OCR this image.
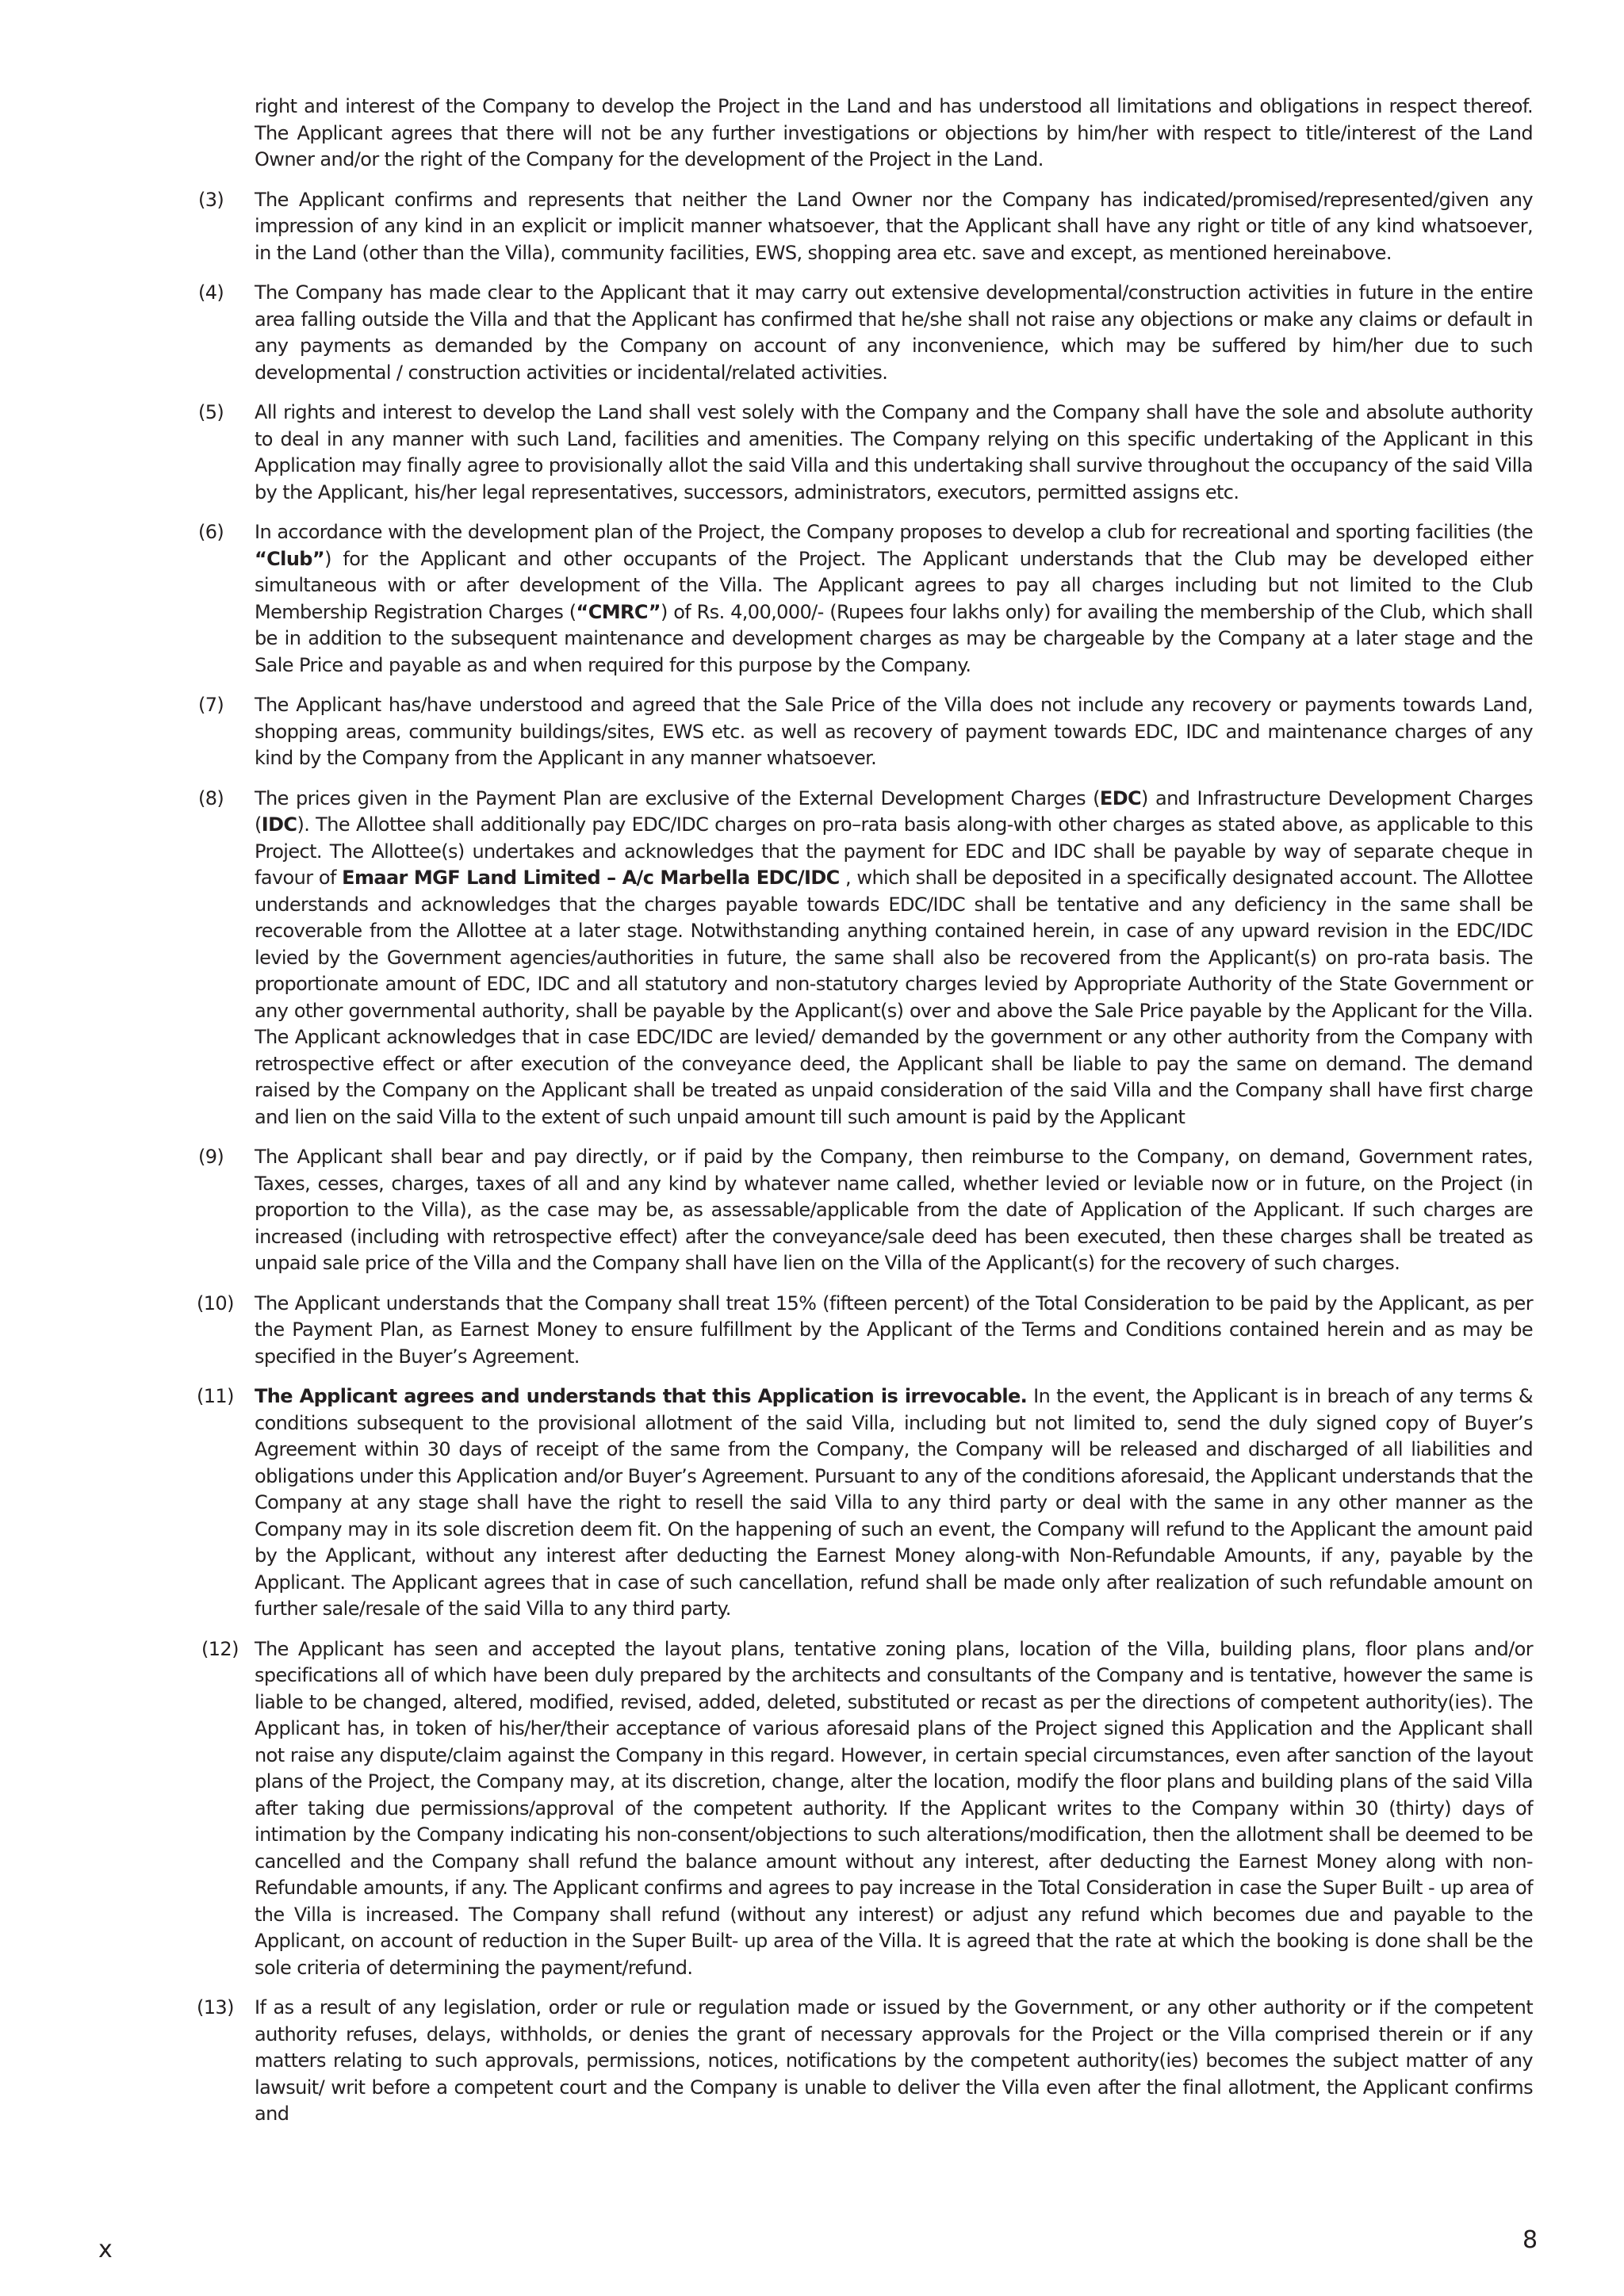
right and interest of the Company to develop the Project in the Land and has understood all limitations and obligations in respect thereof. The Applicant agrees that there will not be any further investigations or objections by him/her with respect to title/interest of the Land Owner and/or the right of the Company for the development of the Project in the Land.
(3) The Applicant confirms and represents that neither the Land Owner nor the Company has indicated/promised/represented/given any impression of any kind in an explicit or implicit manner whatsoever, that the Applicant shall have any right or title of any kind whatsoever, in the Land (other than the Villa), community facilities, EWS, shopping area etc. save and except, as mentioned hereinabove.
(4) The Company has made clear to the Applicant that it may carry out extensive developmental/construction activities in future in the entire area falling outside the Villa and that the Applicant has confirmed that he/she shall not raise any objections or make any claims or default in any payments as demanded by the Company on account of any inconvenience, which may be suffered by him/her due to such developmental / construction activities or incidental/related activities.
(5) All rights and interest to develop the Land shall vest solely with the Company and the Company shall have the sole and absolute authority to deal in any manner with such Land, facilities and amenities. The Company relying on this specific undertaking of the Applicant in this Application may finally agree to provisionally allot the said Villa and this undertaking shall survive throughout the occupancy of the said Villa by the Applicant, his/her legal representatives, successors, administrators, executors, permitted assigns etc.
(6) In accordance with the development plan of the Project, the Company proposes to develop a club for recreational and sporting facilities (the “Club”) for the Applicant and other occupants of the Project. The Applicant understands that the Club may be developed either simultaneous with or after development of the Villa. The Applicant agrees to pay all charges including but not limited to the Club Membership Registration Charges (“CMRC”) of Rs. 4,00,000/- (Rupees four lakhs only) for availing the membership of the Club, which shall be in addition to the subsequent maintenance and development charges as may be chargeable by the Company at a later stage and the Sale Price and payable as and when required for this purpose by the Company.
(7) The Applicant has/have understood and agreed that the Sale Price of the Villa does not include any recovery or payments towards Land, shopping areas, community buildings/sites, EWS etc. as well as recovery of payment towards EDC, IDC and maintenance charges of any kind by the Company from the Applicant in any manner whatsoever.
(8) The prices given in the Payment Plan are exclusive of the External Development Charges (EDC) and Infrastructure Development Charges (IDC). The Allottee shall additionally pay EDC/IDC charges on pro–rata basis along-with other charges as stated above, as applicable to this Project. The Allottee(s) undertakes and acknowledges that the payment for EDC and IDC shall be payable by way of separate cheque in favour of Emaar MGF Land Limited – A/c Marbella EDC/IDC , which shall be deposited in a specifically designated account. The Allottee understands and acknowledges that the charges payable towards EDC/IDC shall be tentative and any deficiency in the same shall be recoverable from the Allottee at a later stage. Notwithstanding anything contained herein, in case of any upward revision in the EDC/IDC levied by the Government agencies/authorities in future, the same shall also be recovered from the Applicant(s) on pro-rata basis. The proportionate amount of EDC, IDC and all statutory and non-statutory charges levied by Appropriate Authority of the State Government or any other governmental authority, shall be payable by the Applicant(s) over and above the Sale Price payable by the Applicant for the Villa. The Applicant acknowledges that in case EDC/IDC are levied/ demanded by the government or any other authority from the Company with retrospective effect or after execution of the conveyance deed, the Applicant shall be liable to pay the same on demand. The demand raised by the Company on the Applicant shall be treated as unpaid consideration of the said Villa and the Company shall have first charge and lien on the said Villa to the extent of such unpaid amount till such amount is paid by the Applicant
(9) The Applicant shall bear and pay directly, or if paid by the Company, then reimburse to the Company, on demand, Government rates, Taxes, cesses, charges, taxes of all and any kind by whatever name called, whether levied or leviable now or in future, on the Project (in proportion to the Villa), as the case may be, as assessable/applicable from the date of Application of the Applicant. If such charges are increased (including with retrospective effect) after the conveyance/sale deed has been executed, then these charges shall be treated as unpaid sale price of the Villa and the Company shall have lien on the Villa of the Applicant(s) for the recovery of such charges.
(10) The Applicant understands that the Company shall treat 15% (fifteen percent) of the Total Consideration to be paid by the Applicant, as per the Payment Plan, as Earnest Money to ensure fulfillment by the Applicant of the Terms and Conditions contained herein and as may be specified in the Buyer’s Agreement.
(11) The Applicant agrees and understands that this Application is irrevocable. In the event, the Applicant is in breach of any terms & conditions subsequent to the provisional allotment of the said Villa, including but not limited to, send the duly signed copy of Buyer’s Agreement within 30 days of receipt of the same from the Company, the Company will be released and discharged of all liabilities and obligations under this Application and/or Buyer’s Agreement. Pursuant to any of the conditions aforesaid, the Applicant understands that the Company at any stage shall have the right to resell the said Villa to any third party or deal with the same in any other manner as the Company may in its sole discretion deem fit. On the happening of such an event, the Company will refund to the Applicant the amount paid by the Applicant, without any interest after deducting the Earnest Money along-with Non-Refundable Amounts, if any, payable by the Applicant. The Applicant agrees that in case of such cancellation, refund shall be made only after realization of such refundable amount on further sale/resale of the said Villa to any third party.
(12) The Applicant has seen and accepted the layout plans, tentative zoning plans, location of the Villa, building plans, floor plans and/or specifications all of which have been duly prepared by the architects and consultants of the Company and is tentative, however the same is liable to be changed, altered, modified, revised, added, deleted, substituted or recast as per the directions of competent authority(ies). The Applicant has, in token of his/her/their acceptance of various aforesaid plans of the Project signed this Application and the Applicant shall not raise any dispute/claim against the Company in this regard. However, in certain special circumstances, even after sanction of the layout plans of the Project, the Company may, at its discretion, change, alter the location, modify the floor plans and building plans of the said Villa after taking due permissions/approval of the competent authority. If the Applicant writes to the Company within 30 (thirty) days of intimation by the Company indicating his non-consent/objections to such alterations/modification, then the allotment shall be deemed to be cancelled and the Company shall refund the balance amount without any interest, after deducting the Earnest Money along with non-Refundable amounts, if any. The Applicant confirms and agrees to pay increase in the Total Consideration in case the Super Built - up area of the Villa is increased. The Company shall refund (without any interest) or adjust any refund which becomes due and payable to the Applicant, on account of reduction in the Super Built- up area of the Villa. It is agreed that the rate at which the booking is done shall be the sole criteria of determining the payment/refund.
(13) If as a result of any legislation, order or rule or regulation made or issued by the Government, or any other authority or if the competent authority refuses, delays, withholds, or denies the grant of necessary approvals for the Project or the Villa comprised therein or if any matters relating to such approvals, permissions, notices, notifications by the competent authority(ies) becomes the subject matter of any lawsuit/ writ before a competent court and the Company is unable to deliver the Villa even after the final allotment, the Applicant confirms and
x	8
